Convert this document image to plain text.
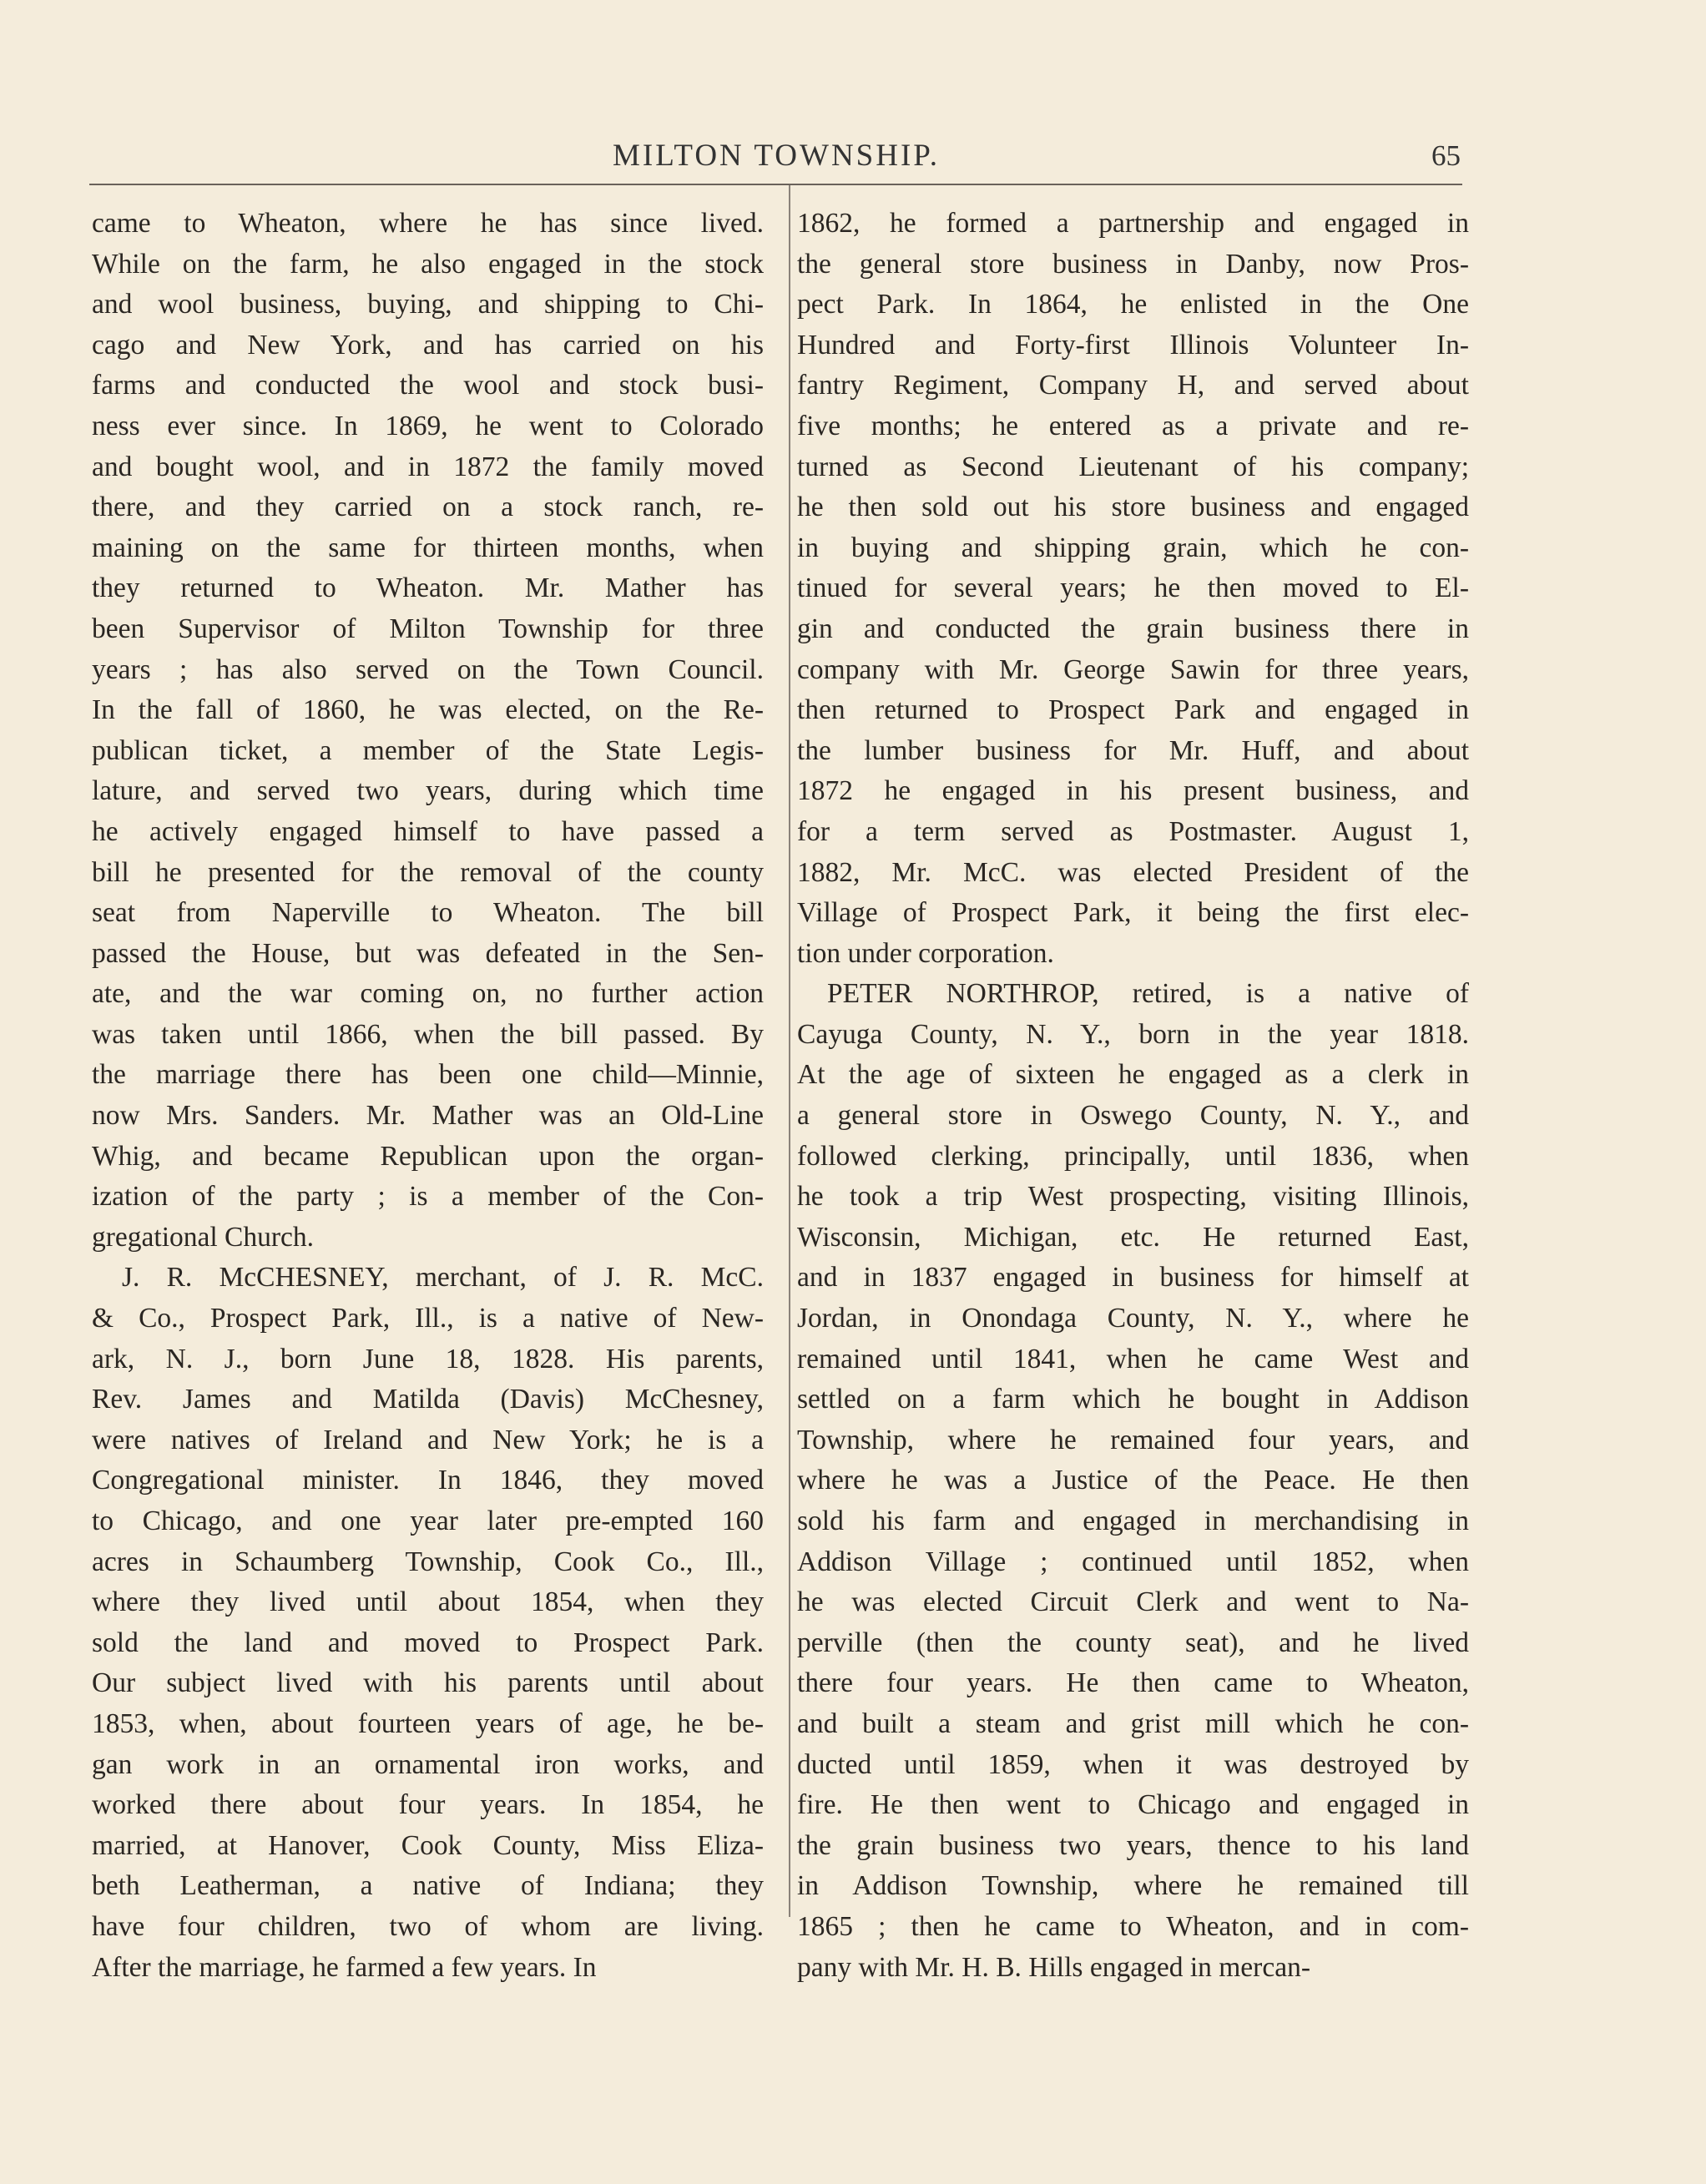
MILTON TOWNSHIP.	65
came to Wheaton, where he has since lived.
While on the farm, he also engaged in the stock
and wool business, buying, and shipping to Chi-
cago and New York, and has carried on his
farms and conducted the wool and stock busi-
ness ever since. In 1869, he went to Colorado
and bought wool, and in 1872 the family moved
there, and they carried on a stock ranch, re-
maining on the same for thirteen months, when
they returned to Wheaton. Mr. Mather has
been Supervisor of Milton Township for three
years ; has also served on the Town Council.
In the fall of 1860, he was elected, on the Re-
publican ticket, a member of the State Legis-
lature, and served two years, during which time
he actively engaged himself to have passed a
bill he presented for the removal of the county
seat from Naperville to Wheaton. The bill
passed the House, but was defeated in the Sen-
ate, and the war coming on, no further action
was taken until 1866, when the bill passed. By
the marriage there has been one child—Minnie,
now Mrs. Sanders. Mr. Mather was an Old-Line
Whig, and became Republican upon the organ-
ization of the party ; is a member of the Con-
gregational Church.
J. R. McCHESNEY, merchant, of J. R. McC.
& Co., Prospect Park, Ill., is a native of New-
ark, N. J., born June 18, 1828. His parents,
Rev. James and Matilda (Davis) McChesney,
were natives of Ireland and New York; he is a
Congregational minister. In 1846, they moved
to Chicago, and one year later pre-empted 160
acres in Schaumberg Township, Cook Co., Ill.,
where they lived until about 1854, when they
sold the land and moved to Prospect Park.
Our subject lived with his parents until about
1853, when, about fourteen years of age, he be-
gan work in an ornamental iron works, and
worked there about four years. In 1854, he
married, at Hanover, Cook County, Miss Eliza-
beth Leatherman, a native of Indiana; they
have four children, two of whom are living.
After the marriage, he farmed a few years. In
1862, he formed a partnership and engaged in
the general store business in Danby, now Pros-
pect Park. In 1864, he enlisted in the One
Hundred and Forty-first Illinois Volunteer In-
fantry Regiment, Company H, and served about
five months; he entered as a private and re-
turned as Second Lieutenant of his company;
he then sold out his store business and engaged
in buying and shipping grain, which he con-
tinued for several years; he then moved to El-
gin and conducted the grain business there in
company with Mr. George Sawin for three years,
then returned to Prospect Park and engaged in
the lumber business for Mr. Huff, and about
1872 he engaged in his present business, and
for a term served as Postmaster. August 1,
1882, Mr. McC. was elected President of the
Village of Prospect Park, it being the first elec-
tion under corporation.
PETER NORTHROP, retired, is a native of
Cayuga County, N. Y., born in the year 1818.
At the age of sixteen he engaged as a clerk in
a general store in Oswego County, N. Y., and
followed clerking, principally, until 1836, when
he took a trip West prospecting, visiting Illinois,
Wisconsin, Michigan, etc. He returned East,
and in 1837 engaged in business for himself at
Jordan, in Onondaga County, N. Y., where he
remained until 1841, when he came West and
settled on a farm which he bought in Addison
Township, where he remained four years, and
where he was a Justice of the Peace. He then
sold his farm and engaged in merchandising in
Addison Village ; continued until 1852, when
he was elected Circuit Clerk and went to Na-
perville (then the county seat), and he lived
there four years. He then came to Wheaton,
and built a steam and grist mill which he con-
ducted until 1859, when it was destroyed by
fire. He then went to Chicago and engaged in
the grain business two years, thence to his land
in Addison Township, where he remained till
1865 ; then he came to Wheaton, and in com-
pany with Mr. H. B. Hills engaged in mercan-
